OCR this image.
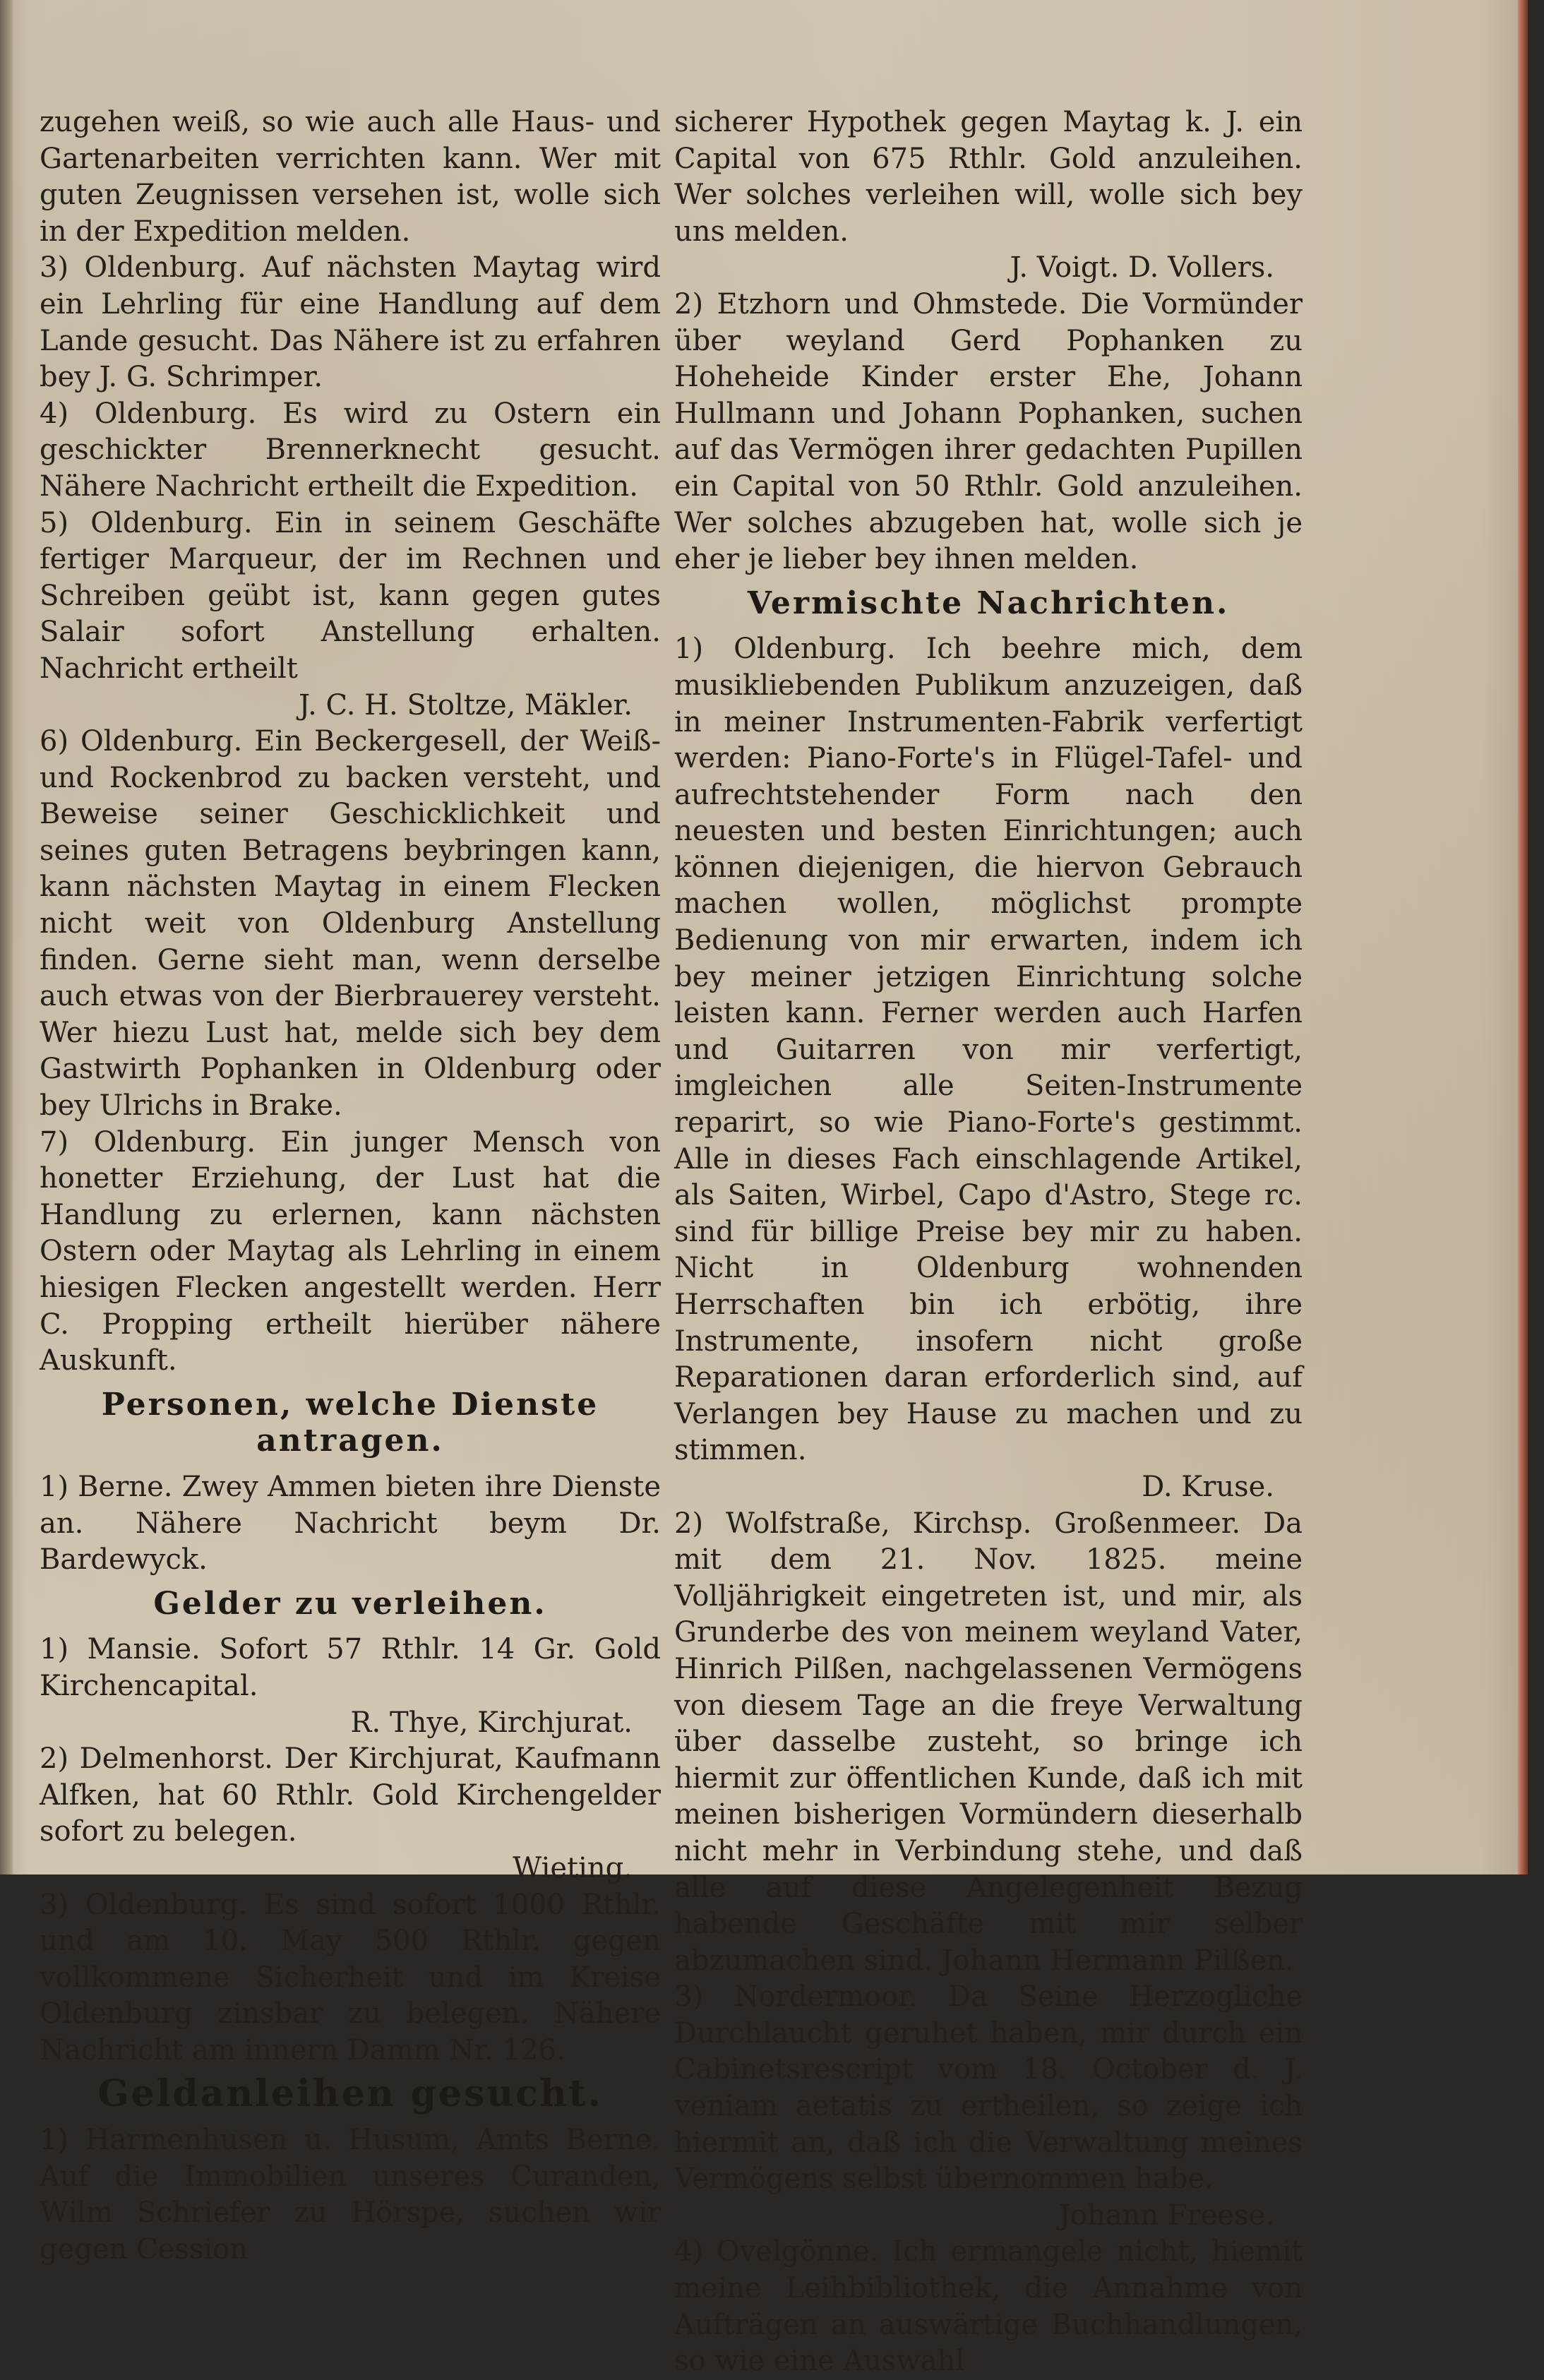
zugehen weiß, so wie auch alle Haus- und Gartenarbeiten verrichten kann. Wer mit guten Zeugnissen versehen ist, wolle sich in der Expedition melden.

3) Oldenburg. Auf nächsten Maytag wird ein Lehrling für eine Handlung auf dem Lande gesucht. Das Nähere ist zu erfahren bey J. G. Schrimper.

4) Oldenburg. Es wird zu Ostern ein geschickter Brennerknecht gesucht. Nähere Nachricht ertheilt die Expedition.

5) Oldenburg. Ein in seinem Geschäfte fertiger Marqueur, der im Rechnen und Schreiben geübt ist, kann gegen gutes Salair sofort Anstellung erhalten. Nachricht ertheilt

J. C. H. Stoltze, Mäkler.

6) Oldenburg. Ein Beckergesell, der Weiß- und Rockenbrod zu backen versteht, und Beweise seiner Geschicklichkeit und seines guten Betragens beybringen kann, kann nächsten Maytag in einem Flecken nicht weit von Oldenburg Anstellung finden. Gerne sieht man, wenn derselbe auch etwas von der Bierbrauerey versteht. Wer hiezu Lust hat, melde sich bey dem Gastwirth Pophanken in Oldenburg oder bey Ulrichs in Brake.

7) Oldenburg. Ein junger Mensch von honetter Erziehung, der Lust hat die Handlung zu erlernen, kann nächsten Ostern oder Maytag als Lehrling in einem hiesigen Flecken angestellt werden. Herr C. Propping ertheilt hierüber nähere Auskunft.

Personen, welche Dienste antragen.

1) Berne. Zwey Ammen bieten ihre Dienste an. Nähere Nachricht beym Dr. Bardewyck.

Gelder zu verleihen.

1) Mansie. Sofort 57 Rthlr. 14 Gr. Gold Kirchencapital.

R. Thye, Kirchjurat.

2) Delmenhorst. Der Kirchjurat, Kaufmann Alfken, hat 60 Rthlr. Gold Kirchengelder sofort zu belegen.

Wieting.

3) Oldenburg. Es sind sofort 1000 Rthlr. und am 10. May 500 Rthlr. gegen vollkommene Sicherheit und im Kreise Oldenburg zinsbar zu belegen. Nähere Nachricht am innern Damm Nr. 126.

Geldanleihen gesucht.

1) Harmenhusen u. Husum, Amts Berne. Auf die Immobilien unseres Curanden, Wilm Schriefer zu Hörspe, suchen wir gegen Cession

sicherer Hypothek gegen Maytag k. J. ein Capital von 675 Rthlr. Gold anzuleihen. Wer solches verleihen will, wolle sich bey uns melden.

J. Voigt. D. Vollers.

2) Etzhorn und Ohmstede. Die Vormünder über weyland Gerd Pophanken zu Hoheheide Kinder erster Ehe, Johann Hullmann und Johann Pophanken, suchen auf das Vermögen ihrer gedachten Pupillen ein Capital von 50 Rthlr. Gold anzuleihen. Wer solches abzugeben hat, wolle sich je eher je lieber bey ihnen melden.

Vermischte Nachrichten.

1) Oldenburg. Ich beehre mich, dem musikliebenden Publikum anzuzeigen, daß in meiner Instrumenten-Fabrik verfertigt werden: Piano-Forte's in Flügel-Tafel- und aufrechtstehender Form nach den neuesten und besten Einrichtungen; auch können diejenigen, die hiervon Gebrauch machen wollen, möglichst prompte Bedienung von mir erwarten, indem ich bey meiner jetzigen Einrichtung solche leisten kann. Ferner werden auch Harfen und Guitarren von mir verfertigt, imgleichen alle Seiten-Instrumente reparirt, so wie Piano-Forte's gestimmt. Alle in dieses Fach einschlagende Artikel, als Saiten, Wirbel, Capo d'Astro, Stege rc. sind für billige Preise bey mir zu haben. Nicht in Oldenburg wohnenden Herrschaften bin ich erbötig, ihre Instrumente, insofern nicht große Reparationen daran erforderlich sind, auf Verlangen bey Hause zu machen und zu stimmen.

D. Kruse.

2) Wolfstraße, Kirchsp. Großenmeer. Da mit dem 21. Nov. 1825. meine Volljährigkeit eingetreten ist, und mir, als Grunderbe des von meinem weyland Vater, Hinrich Pilßen, nachgelassenen Vermögens von diesem Tage an die freye Verwaltung über dasselbe zusteht, so bringe ich hiermit zur öffentlichen Kunde, daß ich mit meinen bisherigen Vormündern dieserhalb nicht mehr in Verbindung stehe, und daß alle auf diese Angelegenheit Bezug habende Geschäfte mit mir selber abzumachen sind. Johann Hermann Pilßen.

3) Nordermoor. Da Seine Herzogliche Durchlaucht geruhet haben, mir durch ein Cabinetsrescript vom 18. October d. J. veniam aetatis zu ertheilen, so zeige ich hiermit an, daß ich die Verwaltung meines Vermögens selbst übernommen habe.

Johann Freese.

4) Ovelgönne. Ich ermangele nicht, hiemit meine Leihbibliothek, die Annahme von Aufträgen an auswärtige Buchhandlungen, so wie eine Auswahl
